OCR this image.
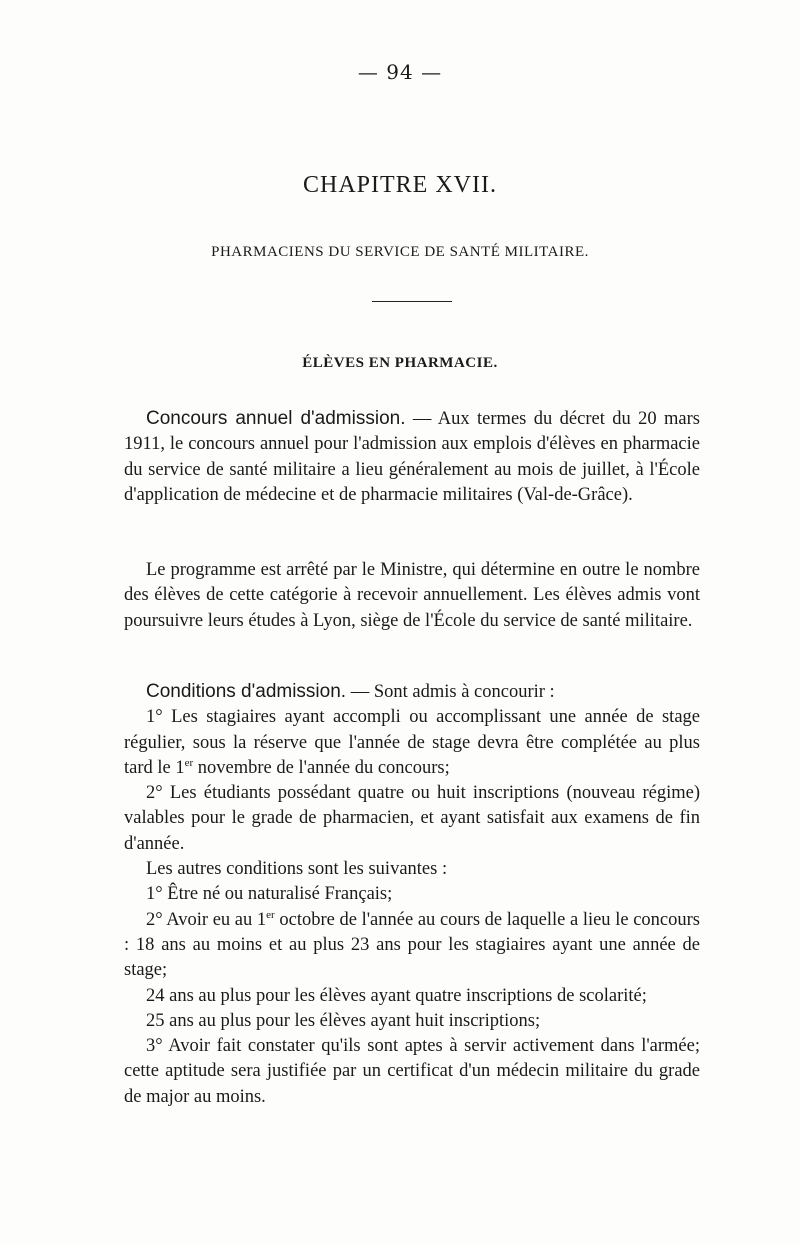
— 94 —
CHAPITRE XVII.
PHARMACIENS DU SERVICE DE SANTÉ MILITAIRE.
ÉLÈVES EN PHARMACIE.
Concours annuel d'admission. — Aux termes du décret du 20 mars 1911, le concours annuel pour l'admission aux emplois d'élèves en pharmacie du service de santé militaire a lieu généralement au mois de juillet, à l'École d'application de médecine et de pharmacie militaires (Val-de-Grâce).
Le programme est arrêté par le Ministre, qui détermine en outre le nombre des élèves de cette catégorie à recevoir annuellement. Les élèves admis vont poursuivre leurs études à Lyon, siège de l'École du service de santé militaire.

Conditions d'admission. — Sont admis à concourir :

1° Les stagiaires ayant accompli ou accomplissant une année de stage régulier, sous la réserve que l'année de stage devra être complétée au plus tard le 1er novembre de l'année du concours;

2° Les étudiants possédant quatre ou huit inscriptions (nouveau régime) valables pour le grade de pharmacien, et ayant satisfait aux examens de fin d'année.

Les autres conditions sont les suivantes :

1° Être né ou naturalisé Français;

2° Avoir eu au 1er octobre de l'année au cours de laquelle a lieu le concours : 18 ans au moins et au plus 23 ans pour les stagiaires ayant une année de stage;

24 ans au plus pour les élèves ayant quatre inscriptions de scolarité;

25 ans au plus pour les élèves ayant huit inscriptions;

3° Avoir fait constater qu'ils sont aptes à servir activement dans l'armée; cette aptitude sera justifiée par un certificat d'un médecin militaire du grade de major au moins.
